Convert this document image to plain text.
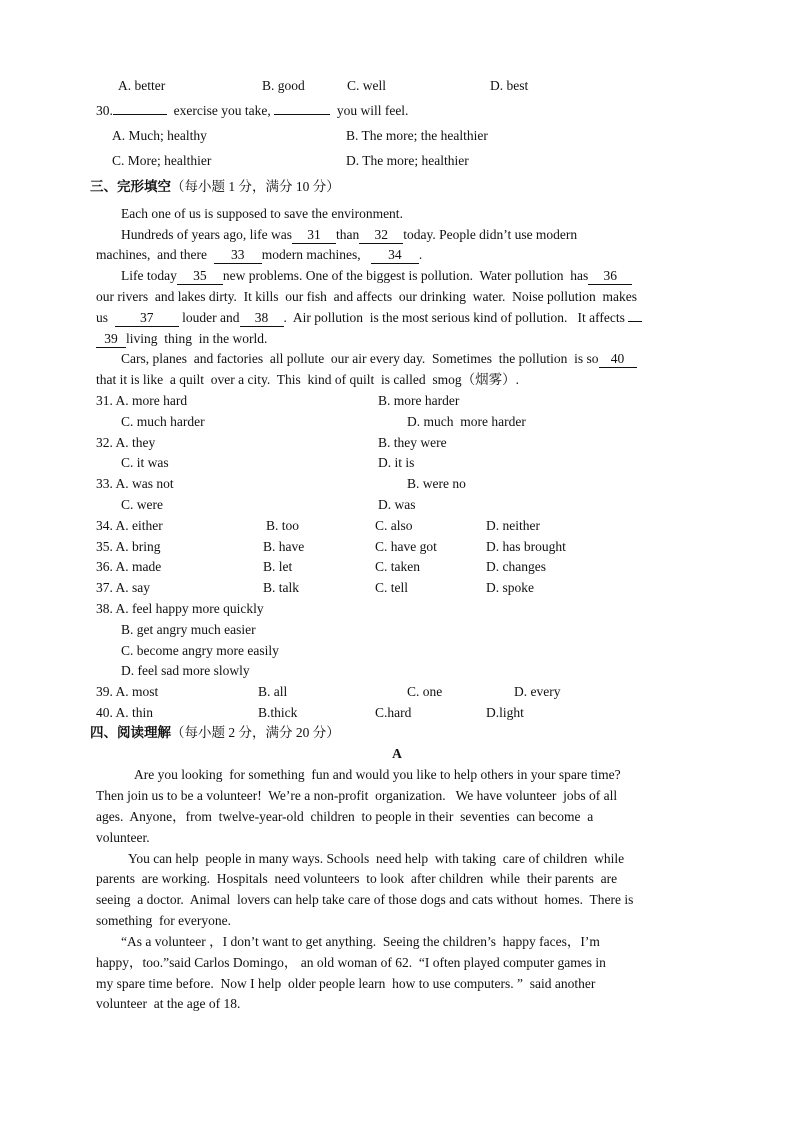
A. better	B. good	C. well	D. best
30.	exercise you take,	you will feel.
A. Much; healthy	B. The more; the healthier
C. More; healthier	D. The more; healthier
三、完形填空（每小题 1 分，满分 10 分）
Each one of us is supposed to save the environment.
Hundreds of years ago, life was 31 than 32 today. People didn’t use modern
machines,  and there 33 modern machines, 34 .
Life today 35 new problems. One of the biggest is pollution.  Water pollution  has 36
our rivers  and lakes dirty.  It kills  our fish  and affects  our drinking  water.  Noise pollution  makes
us 37 louder and 38 .  Air pollution  is the most serious kind of pollution.   It affects
39 living  thing  in the world.
Cars, planes  and factories  all pollute  our air every day.  Sometimes  the pollution  is so 40
that it is like  a quilt  over a city.  This  kind of quilt  is called  smog（烟雾）.
31. A. more hard	B. more harder
C. much harder	D. much  more harder
32. A. they	B. they were
C. it was	D. it is
33. A. was not	B. were no
C. were	D. was
34. A. either	B. too	C. also	D. neither
35. A. bring	B. have	C. have got	D. has brought
36. A. made	B. let	C. taken	D. changes
37. A. say	B. talk	C. tell	D. spoke
38. A. feel happy more quickly
B. get angry much easier
C. become angry more easily
D. feel sad more slowly
39. A. most	B. all	C. one	D. every
40. A. thin	B.thick	C.hard	D.light
四、阅读理解（每小题 2 分，满分 20 分）
A
Are you looking  for something  fun and would you like to help others in your spare time?
Then join us to be a volunteer!  We’re a non-profit  organization.   We have volunteer  jobs of all
ages.  Anyone，from  twelve-year-old  children  to people in their  seventies  can become  a
volunteer.
You can help  people in many ways. Schools  need help  with taking  care of children  while
parents  are working.  Hospitals  need volunteers  to look  after children  while  their parents  are
seeing  a doctor.  Animal  lovers can help take care of those dogs and cats without  homes.  There is
something  for everyone.
“As a volunteer ，I don’t want to get anything.  Seeing the children’s  happy faces，I’m
happy，too.”said Carlos Domingo， an old woman of 62.  “I often played computer games in
my spare time before.  Now I help  older people learn  how to use computers. ”  said another
volunteer  at the age of 18.
